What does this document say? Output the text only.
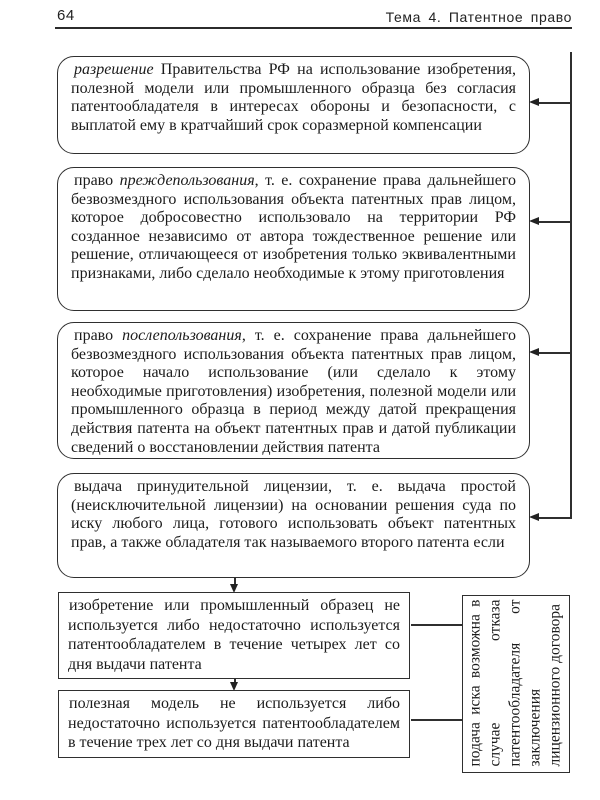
64	Тема 4. Патентное право

разрешение Правительства РФ на использование изобретения, полезной модели или промышленного образца без согласия патентообладателя в интересах обороны и безопасности, с выплатой ему в кратчайший срок соразмерной компенсации

право преждепользования, т. е. сохранение права дальнейшего безвозмездного использования объекта патентных прав лицом, которое добросовестно использовало на территории РФ созданное независимо от автора тождественное решение или решение, отличающееся от изобретения только эквивалентными признаками, либо сделало необходимые к этому приготовления

право послепользования, т. е. сохранение права дальнейшего безвозмездного использования объекта патентных прав лицом, которое начало использование (или сделало к этому необходимые приготовления) изобретения, полезной модели или промышленного образца в период между датой прекращения действия патента на объект патентных прав и датой публикации сведений о восстановлении действия патента

выдача принудительной лицензии, т. е. выдача простой (неисключительной лицензии) на основании решения суда по иску любого лица, готового использовать объект патентных прав, а также обладателя так называемого второго патента если

изобретение или промышленный образец не используется либо недостаточно используется патентообладателем в течение четырех лет со дня выдачи патента

полезная модель не используется либо недостаточно используется патентообладателем в течение трех лет со дня выдачи патента	подача иска возможна в случае отказа патентообладателя от заключения лицензионного договора
